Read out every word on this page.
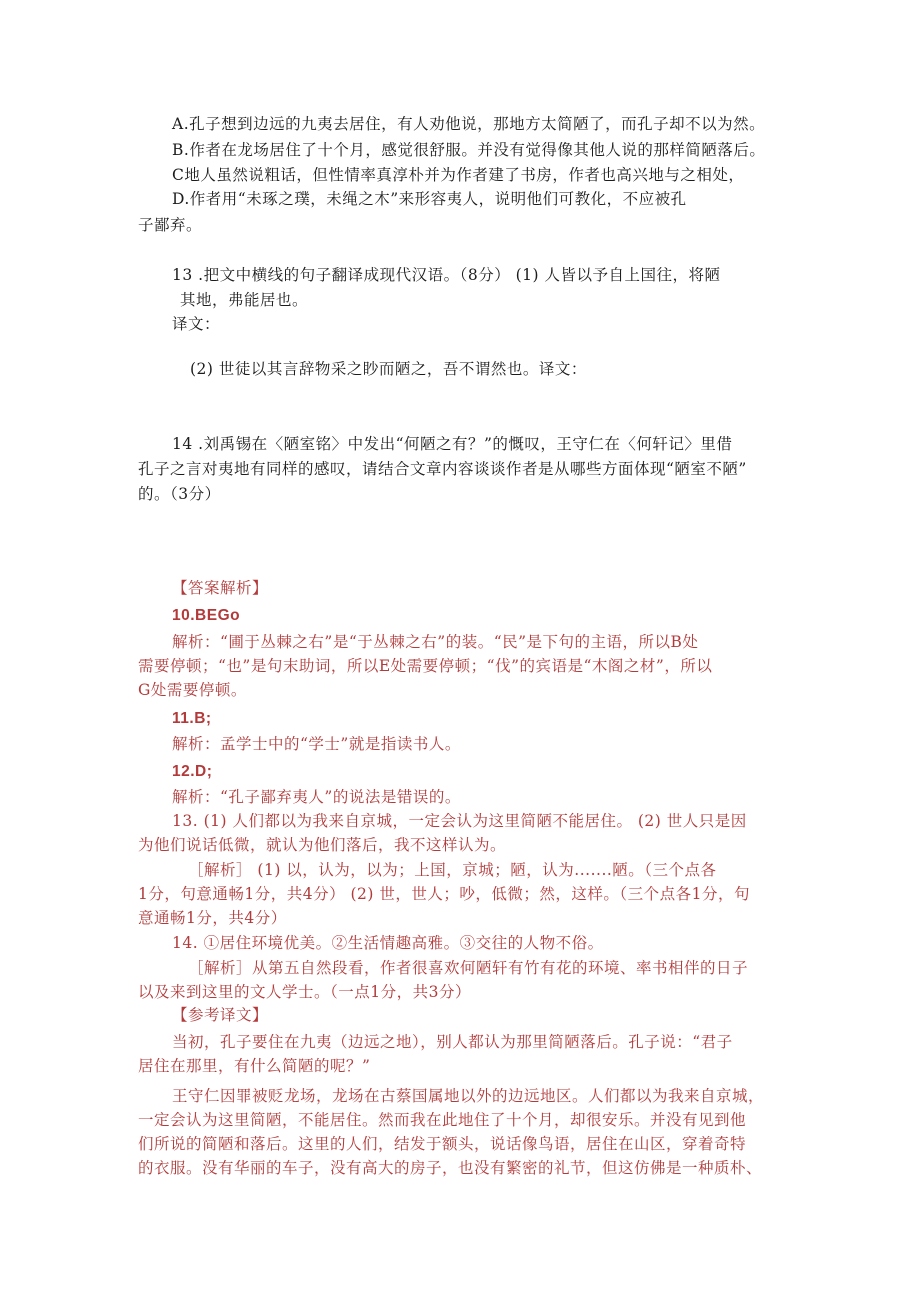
A.孔子想到边远的九夷去居住，有人劝他说，那地方太简陋了，而孔子却不以为然。
B.作者在龙场居住了十个月，感觉很舒服。并没有觉得像其他人说的那样简陋落后。
C地人虽然说粗话，但性情率真淳朴并为作者建了书房，作者也高兴地与之相处，
D.作者用“未琢之璞，未绳之木”来形容夷人，说明他们可教化，不应被孔
子鄙弃。
13 .把文中横线的句子翻译成现代汉语。（8分） (1) 人皆以予自上国往，将陋
其地，弗能居也。
译文：
(2) 世徒以其言辞物采之眇而陋之，吾不谓然也。译文：
14 .刘禹锡在〈陋室铭〉中发出“何陋之有？”的慨叹，王守仁在〈何轩记〉里借
孔子之言对夷地有同样的感叹，请结合文章内容谈谈作者是从哪些方面体现“陋室不陋”
的。（3分）
【答案解析】
10.BEGo
解析：“圃于丛棘之右”是“于丛棘之右”的装。“民”是下句的主语，所以B处
需要停顿；“也”是句末助词，所以E处需要停顿；“伐”的宾语是“木阁之材”，所以
G处需要停顿。
11.B;
解析：孟学士中的“学士”就是指读书人。
12.D;
解析：“孔子鄙弃夷人”的说法是错误的。
13. (1) 人们都以为我来自京城，一定会认为这里简陋不能居住。 (2) 世人只是因
为他们说话低微，就认为他们落后，我不这样认为。
［解析］ (1) 以，认为，以为；上国，京城；陋，认为.......陋。（三个点各
1分，句意通畅1分，共4分） (2) 世，世人；吵，低微；然，这样。（三个点各1分，句
意通畅1分，共4分）
14. ①居住环境优美。②生活情趣高雅。③交往的人物不俗。
［解析］从第五自然段看，作者很喜欢何陋轩有竹有花的环境、率书相伴的日子
以及来到这里的文人学士。（一点1分，共3分）
【参考译文】
当初，孔子要住在九夷（边远之地），别人都认为那里简陋落后。孔子说：“君子
居住在那里，有什么简陋的呢？”
王守仁因罪被贬龙场，龙场在古蔡国属地以外的边远地区。人们都以为我来自京城，
一定会认为这里简陋，不能居住。然而我在此地住了十个月，却很安乐。并没有见到他
们所说的简陋和落后。这里的人们，结发于额头，说话像鸟语，居住在山区，穿着奇特
的衣服。没有华丽的车子，没有高大的房子，也没有繁密的礼节，但这仿佛是一种质朴、
